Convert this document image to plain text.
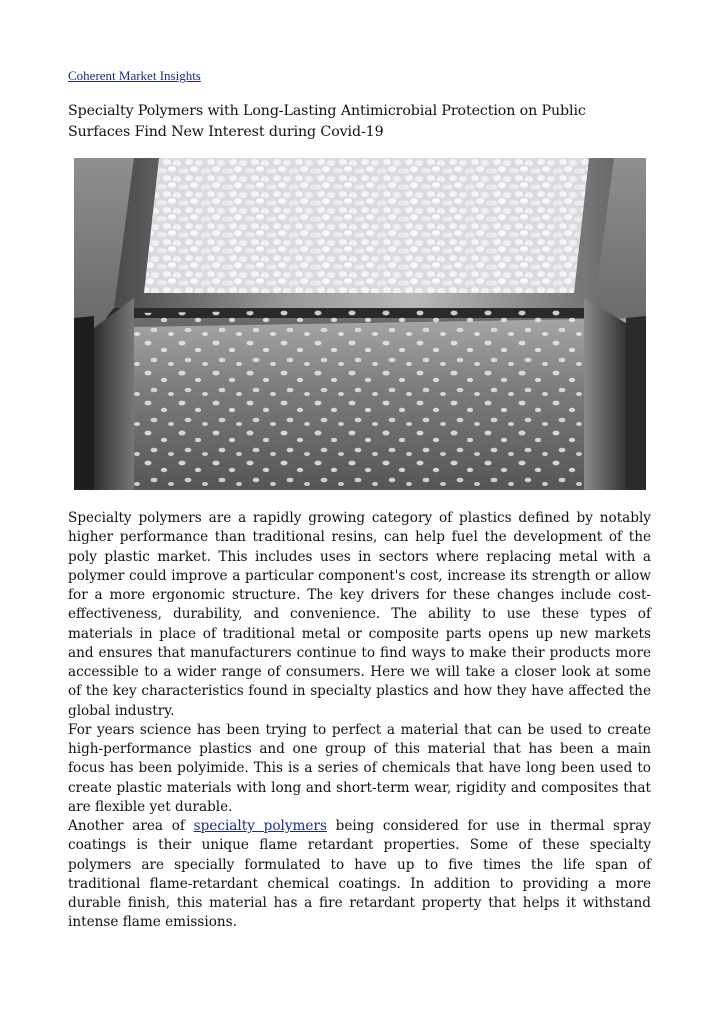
Coherent Market Insights
Specialty Polymers with Long-Lasting Antimicrobial Protection on Public Surfaces Find New Interest during Covid-19

Specialty polymers are a rapidly growing category of plastics defined by notably higher performance than traditional resins, can help fuel the development of the poly plastic market. This includes uses in sectors where replacing metal with a polymer could improve a particular component's cost, increase its strength or allow for a more ergonomic structure. The key drivers for these changes include cost-effectiveness, durability, and convenience. The ability to use these types of materials in place of traditional metal or composite parts opens up new markets and ensures that manufacturers continue to find ways to make their products more accessible to a wider range of consumers. Here we will take a closer look at some of the key characteristics found in specialty plastics and how they have affected the global industry.

For years science has been trying to perfect a material that can be used to create high-performance plastics and one group of this material that has been a main focus has been polyimide. This is a series of chemicals that have long been used to create plastic materials with long and short-term wear, rigidity and composites that are flexible yet durable.

Another area of specialty polymers being considered for use in thermal spray coatings is their unique flame retardant properties. Some of these specialty polymers are specially formulated to have up to five times the life span of traditional flame-retardant chemical coatings. In addition to providing a more durable finish, this material has a fire retardant property that helps it withstand intense flame emissions.
